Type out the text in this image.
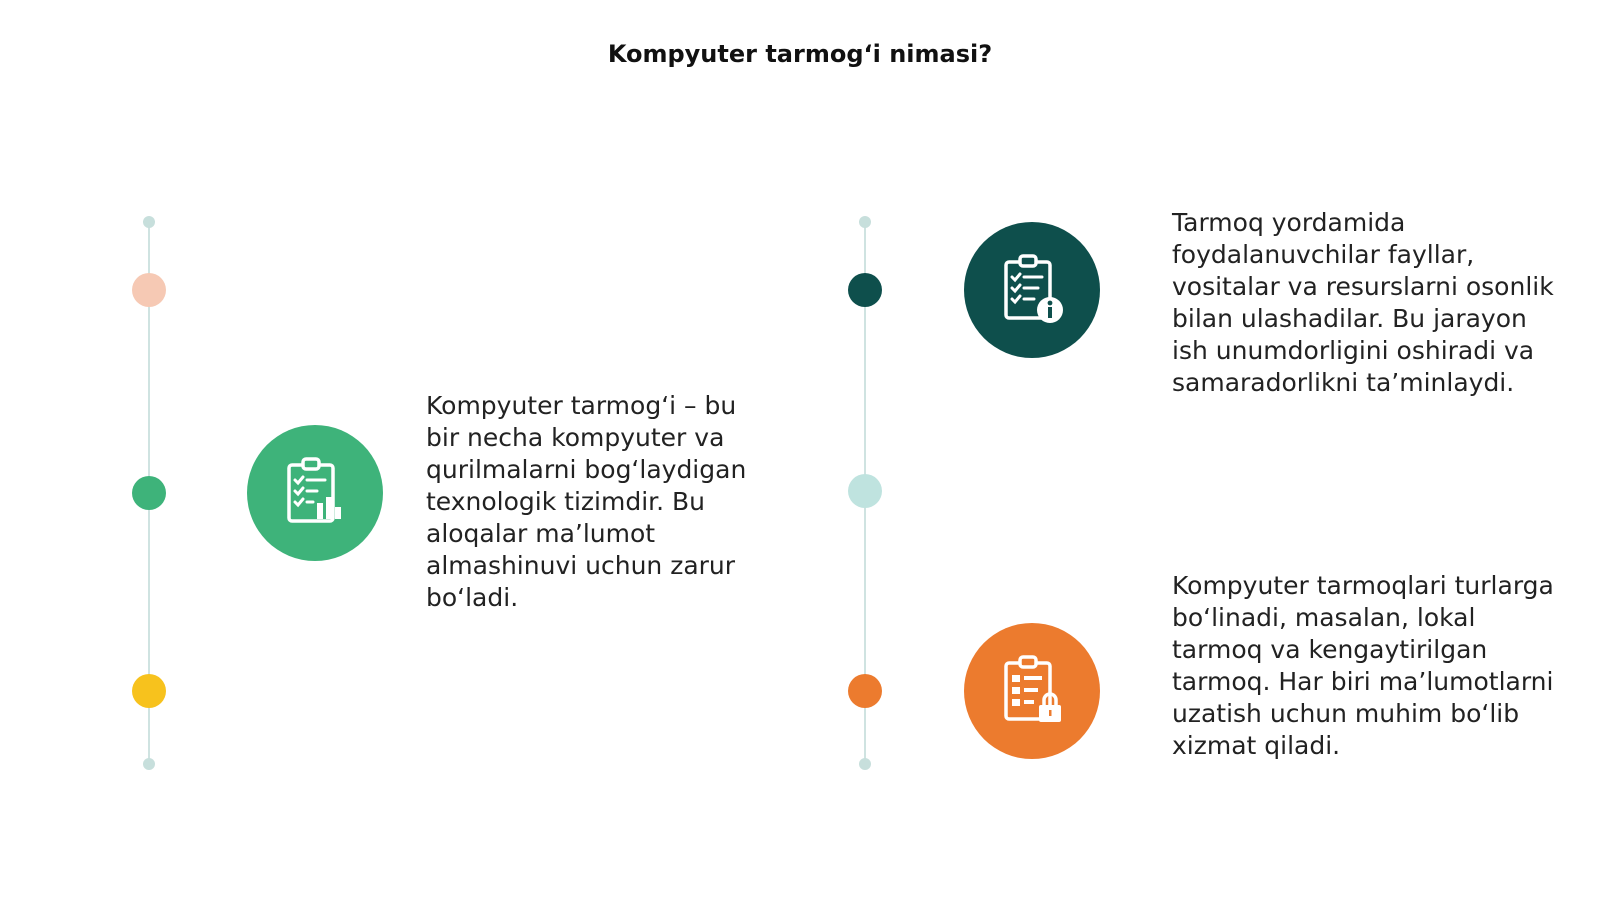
Kompyuter tarmog‘i nimasi?

Kompyuter tarmog‘i – bu bir necha kompyuter va qurilmalarni bog‘laydigan texnologik tizimdir. Bu aloqalar ma’lumot almashinuvi uchun zarur bo‘ladi.

Tarmoq yordamida foydalanuvchilar fayllar, vositalar va resurslarni osonlik bilan ulashadilar. Bu jarayon ish unumdorligini oshiradi va samaradorlikni ta’minlaydi.

Kompyuter tarmoqlari turlarga bo‘linadi, masalan, lokal tarmoq va kengaytirilgan tarmoq. Har biri ma’lumotlarni uzatish uchun muhim bo‘lib xizmat qiladi.
